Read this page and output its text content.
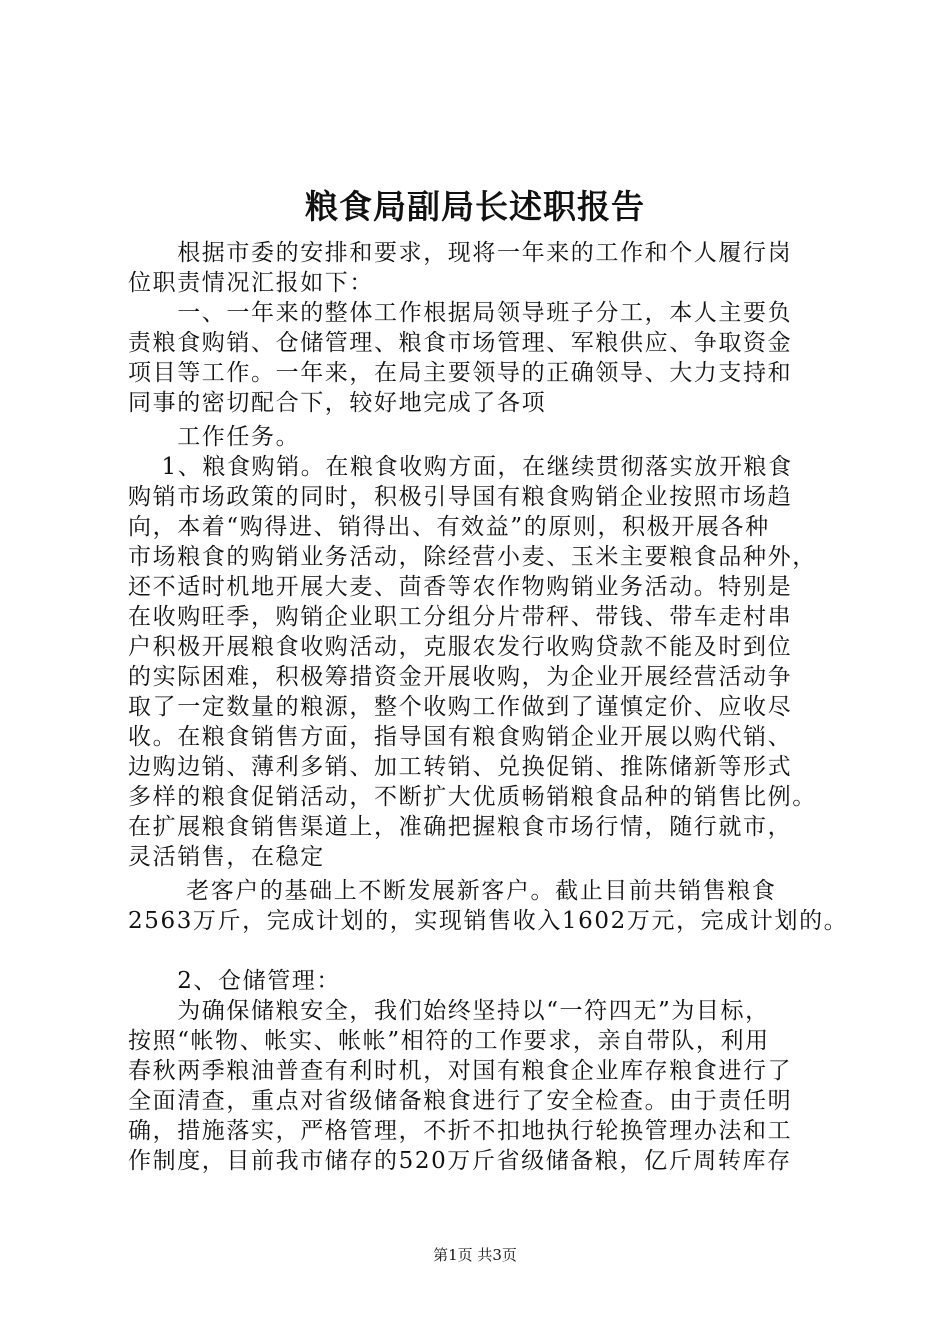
粮食局副局长述职报告
　　根据市委的安排和要求，现将一年来的工作和个人履行岗
位职责情况汇报如下：
　　一、一年来的整体工作根据局领导班子分工，本人主要负
责粮食购销、仓储管理、粮食市场管理、军粮供应、争取资金
项目等工作。一年来，在局主要领导的正确领导、大力支持和
同事的密切配合下，较好地完成了各项
　　工作任务。
　 1、粮食购销。在粮食收购方面，在继续贯彻落实放开粮食
购销市场政策的同时，积极引导国有粮食购销企业按照市场趋
向，本着“购得进、销得出、有效益”的原则，积极开展各种
市场粮食的购销业务活动，除经营小麦、玉米主要粮食品种外，
还不适时机地开展大麦、茴香等农作物购销业务活动。特别是
在收购旺季，购销企业职工分组分片带秤、带钱、带车走村串
户积极开展粮食收购活动，克服农发行收购贷款不能及时到位
的实际困难，积极筹措资金开展收购，为企业开展经营活动争
取了一定数量的粮源，整个收购工作做到了谨慎定价、应收尽
收。在粮食销售方面，指导国有粮食购销企业开展以购代销、
边购边销、薄利多销、加工转销、兑换促销、推陈储新等形式
多样的粮食促销活动，不断扩大优质畅销粮食品种的销售比例。
在扩展粮食销售渠道上，准确把握粮食市场行情，随行就市，
灵活销售，在稳定
　　 老客户的基础上不断发展新客户。截止目前共销售粮食
2563万斤，完成计划的，实现销售收入1602万元，完成计划的。
　　2、仓储管理：
　　为确保储粮安全，我们始终坚持以“一符四无”为目标，
按照“帐物、帐实、帐帐”相符的工作要求，亲自带队，利用
春秋两季粮油普查有利时机，对国有粮食企业库存粮食进行了
全面清查，重点对省级储备粮食进行了安全检查。由于责任明
确，措施落实，严格管理，不折不扣地执行轮换管理办法和工
作制度，目前我市储存的520万斤省级储备粮，亿斤周转库存
第1页 共3页
